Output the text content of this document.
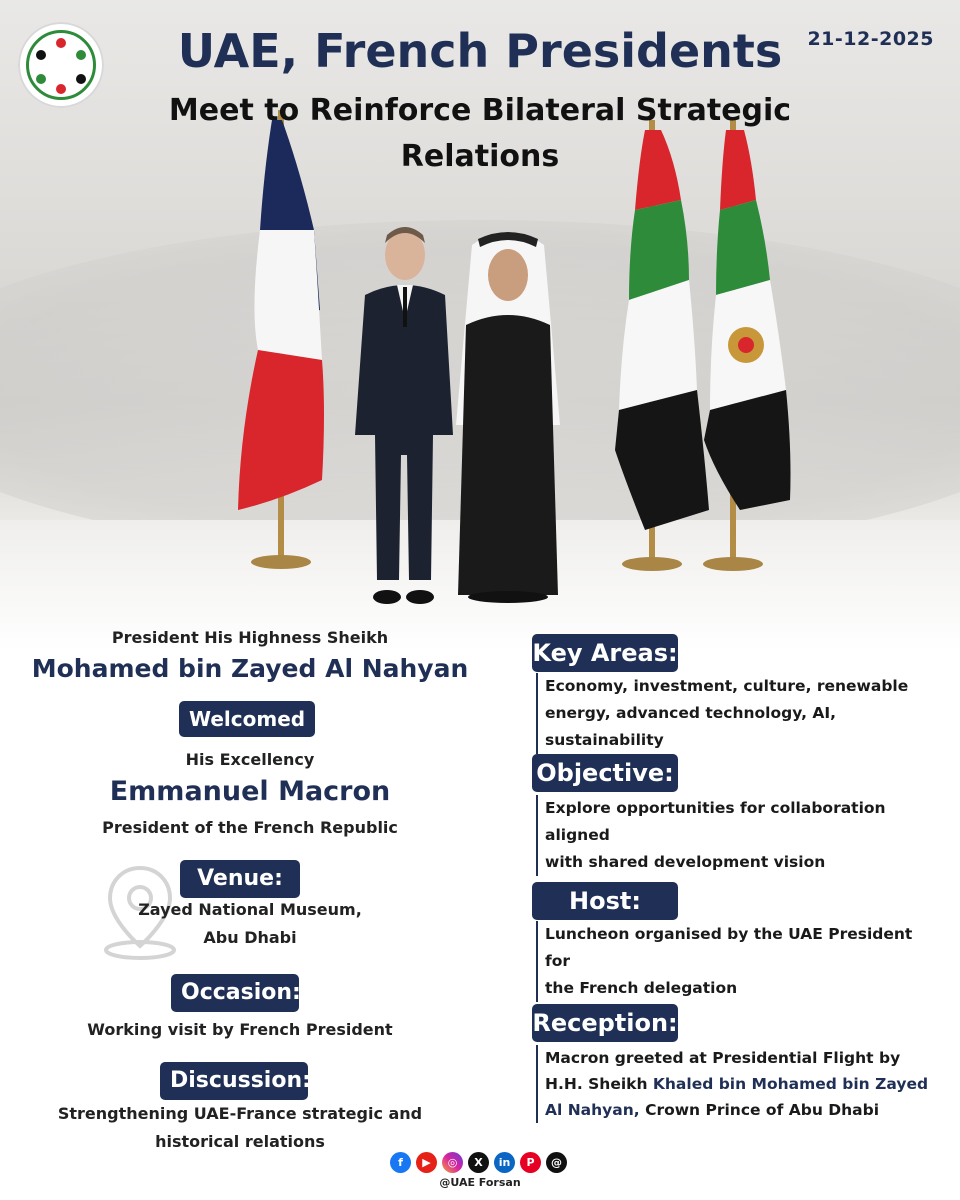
21-12-2025
UAE, French Presidents
Meet to Reinforce Bilateral Strategic
Relations
President His Highness Sheikh
Mohamed bin Zayed Al Nahyan
Welcomed
His Excellency
Emmanuel Macron
President of the French Republic
Venue:
Zayed National Museum,
Abu Dhabi
Occasion:
Working visit by French President
Discussion:
Strengthening UAE-France strategic and
historical relations
Key Areas:
Economy, investment, culture, renewable
energy, advanced technology, AI, sustainability
Objective:
Explore opportunities for collaboration aligned
with shared development vision
Host:
Luncheon organised by the UAE President for
the French delegation
Reception:
Macron greeted at Presidential Flight by
H.H. Sheikh Khaled bin Mohamed bin Zayed
Al Nahyan, Crown Prince of Abu Dhabi
f	▶	◎	X	in	P	@
@UAE Forsan
